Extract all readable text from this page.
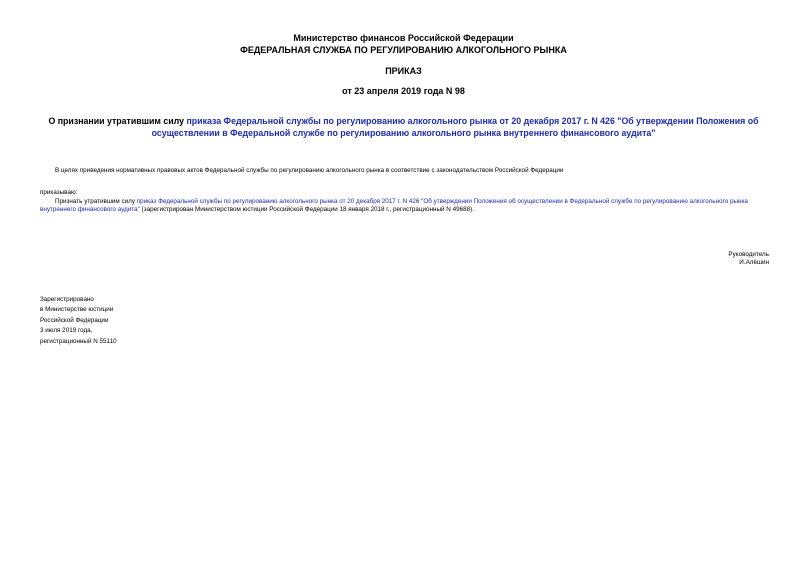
Министерство финансов Российской Федерации
ФЕДЕРАЛЬНАЯ СЛУЖБА ПО РЕГУЛИРОВАНИЮ АЛКОГОЛЬНОГО РЫНКА
ПРИКАЗ
от 23 апреля 2019 года N 98
О признании утратившим силу приказа Федеральной службы по регулированию алкогольного рынка от 20 декабря 2017 г. N 426 "Об утверждении Положения об осуществлении в Федеральной службе по регулированию алкогольного рынка внутреннего финансового аудита"
В целях приведения нормативных правовых актов Федеральной службы по регулированию алкогольного рынка в соответствие с законодательством Российской Федерации
приказываю:
Признать утратившим силу приказ Федеральной службы по регулированию алкогольного рынка от 20 декабря 2017 г. N 426 "Об утверждении Положения об осуществлении в Федеральной службе по регулированию алкогольного рынка внутреннего финансового аудита" (зарегистрирован Министерством юстиции Российской Федерации 18 января 2018 г., регистрационный N 49688).
Руководитель
И.Алёшин
Зарегистрировано
в Министерстве юстиции
Российской Федерации
3 июля 2019 года,
регистрационный N 55110
